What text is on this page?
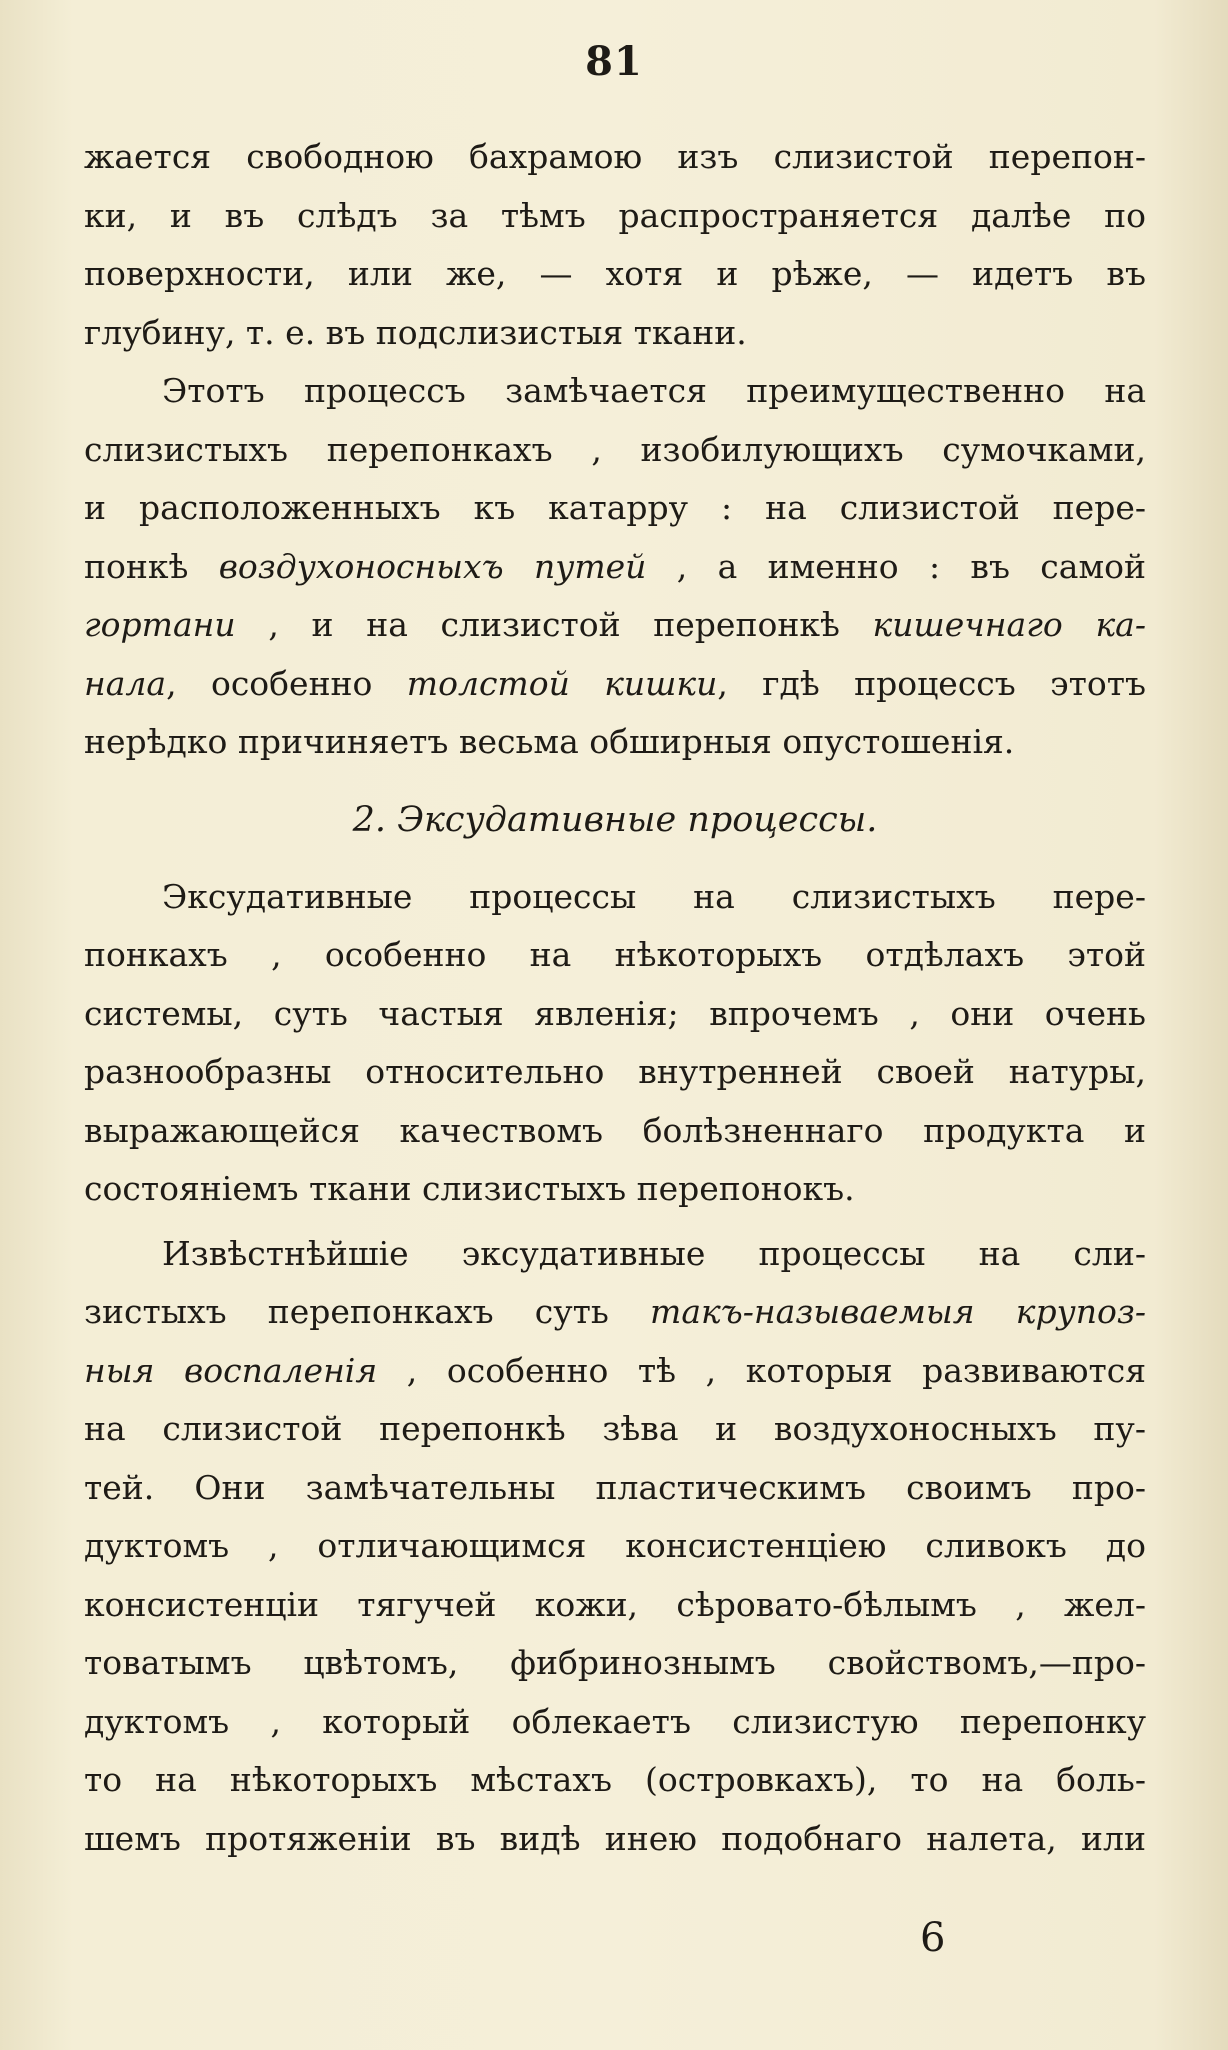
81
жается свободною бахрамою изъ слизистой перепон-
ки, и въ слѣдъ за тѣмъ распространяется далѣе по
поверхности, или же, — хотя и рѣже, — идетъ въ
глубину, т. е. въ подслизистыя ткани.
Этотъ процессъ замѣчается преимущественно на
слизистыхъ перепонкахъ , изобилующихъ сумочками,
и расположенныхъ къ катарру : на слизистой пере-
понкѣ воздухоносныхъ путей , а именно : въ самой
гортани , и на слизистой перепонкѣ кишечнаго ка-
нала, особенно толстой кишки, гдѣ процессъ этотъ
нерѣдко причиняетъ весьма обширныя опустошенія.
2. Эксудативные процессы.
Эксудативные процессы на слизистыхъ пере-
понкахъ , особенно на нѣкоторыхъ отдѣлахъ этой
системы, суть частыя явленія; впрочемъ , они очень
разнообразны относительно внутренней своей натуры,
выражающейся качествомъ болѣзненнаго продукта и
состояніемъ ткани слизистыхъ перепонокъ.
Извѣстнѣйшіе эксудативные процессы на сли-
зистыхъ перепонкахъ суть такъ-называемыя крупоз-
ныя воспаленія , особенно тѣ , которыя развиваются
на слизистой перепонкѣ зѣва и воздухоносныхъ пу-
тей. Они замѣчательны пластическимъ своимъ про-
дуктомъ , отличающимся консистенціею сливокъ до
консистенціи тягучей кожи, сѣровато-бѣлымъ , жел-
товатымъ цвѣтомъ, фибринознымъ свойствомъ,—про-
дуктомъ , который облекаетъ слизистую перепонку
то на нѣкоторыхъ мѣстахъ (островкахъ), то на боль-
шемъ протяженіи въ видѣ инею подобнаго налета, или
6
